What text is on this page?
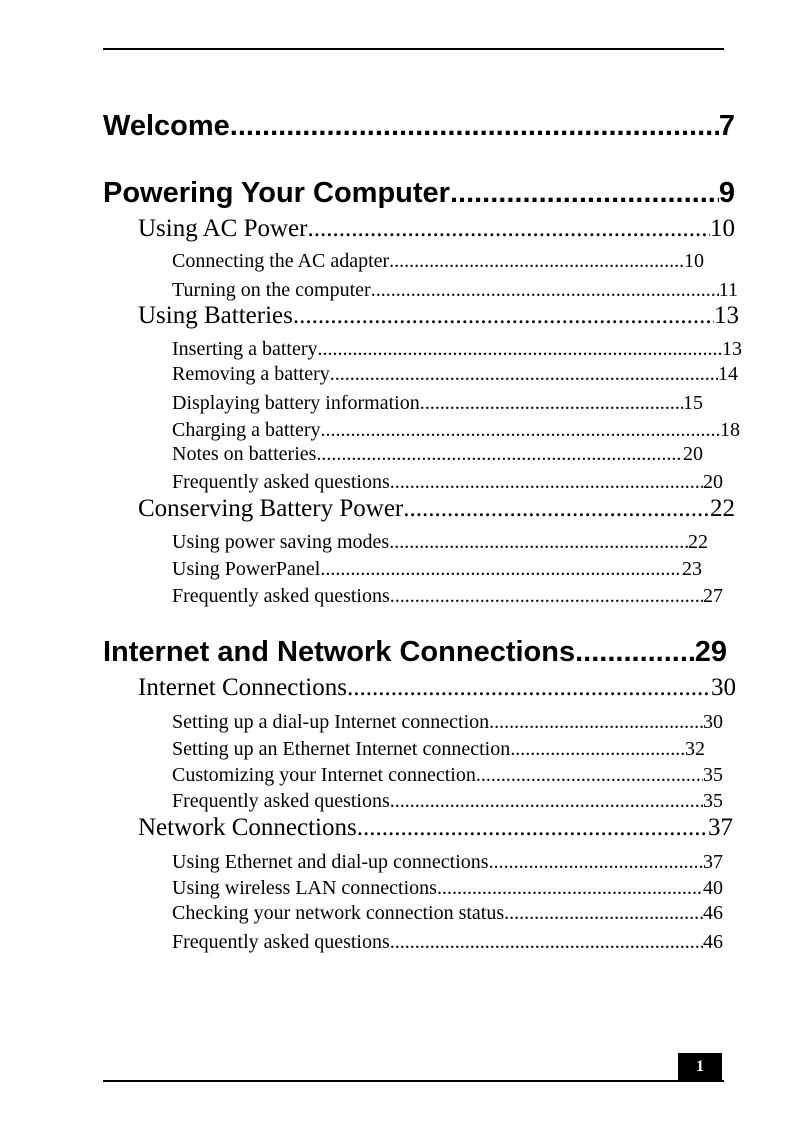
Welcome .....	7
Powering Your Computer .....	9
Using AC Power .....	10
Connecting the AC adapter .....	10
Turning on the computer .....	11
Using Batteries .....	13
Inserting a battery .....	13
Removing a battery .....	14
Displaying battery information .....	15
Charging a battery .....	18
Notes on batteries .....	20
Frequently asked questions .....	20
Conserving Battery Power .....	22
Using power saving modes .....	22
Using PowerPanel .....	23
Frequently asked questions .....	27
Internet and Network Connections .....	29
Internet Connections .....	30
Setting up a dial-up Internet connection .....	30
Setting up an Ethernet Internet connection .....	32
Customizing your Internet connection .....	35
Frequently asked questions .....	35
Network Connections .....	37
Using Ethernet and dial-up connections .....	37
Using wireless LAN connections .....	40
Checking your network connection status .....	46
Frequently asked questions .....	46
1
